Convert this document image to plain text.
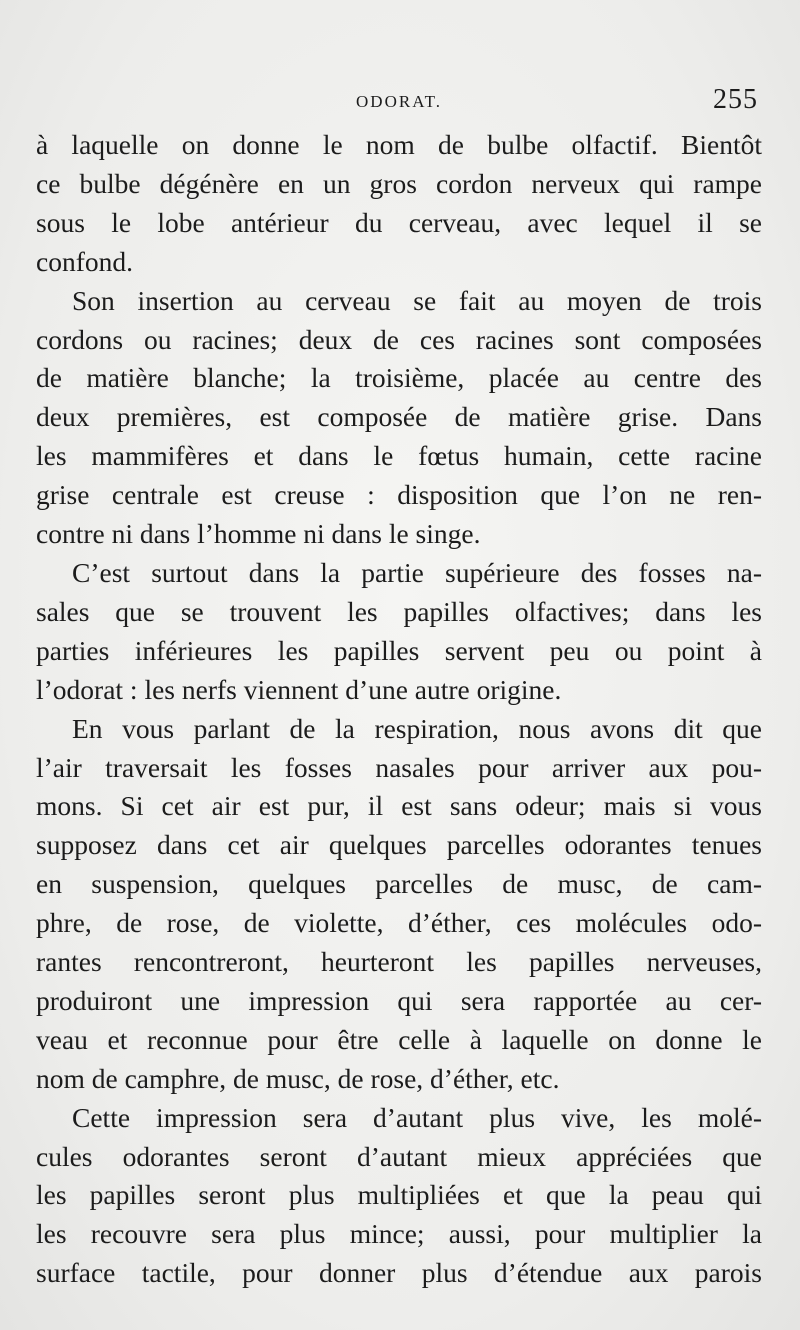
ODORAT.	255
à laquelle on donne le nom de bulbe olfactif. Bientôt
ce bulbe dégénère en un gros cordon nerveux qui rampe
sous le lobe antérieur du cerveau, avec lequel il se
confond.
Son insertion au cerveau se fait au moyen de trois
cordons ou racines; deux de ces racines sont composées
de matière blanche; la troisième, placée au centre des
deux premières, est composée de matière grise. Dans
les mammifères et dans le fœtus humain, cette racine
grise centrale est creuse : disposition que l’on ne ren-
contre ni dans l’homme ni dans le singe.
C’est surtout dans la partie supérieure des fosses na-
sales que se trouvent les papilles olfactives; dans les
parties inférieures les papilles servent peu ou point à
l’odorat : les nerfs viennent d’une autre origine.
En vous parlant de la respiration, nous avons dit que
l’air traversait les fosses nasales pour arriver aux pou-
mons. Si cet air est pur, il est sans odeur; mais si vous
supposez dans cet air quelques parcelles odorantes tenues
en suspension, quelques parcelles de musc, de cam-
phre, de rose, de violette, d’éther, ces molécules odo-
rantes rencontreront, heurteront les papilles nerveuses,
produiront une impression qui sera rapportée au cer-
veau et reconnue pour être celle à laquelle on donne le
nom de camphre, de musc, de rose, d’éther, etc.
Cette impression sera d’autant plus vive, les molé-
cules odorantes seront d’autant mieux appréciées que
les papilles seront plus multipliées et que la peau qui
les recouvre sera plus mince; aussi, pour multiplier la
surface tactile, pour donner plus d’étendue aux parois
